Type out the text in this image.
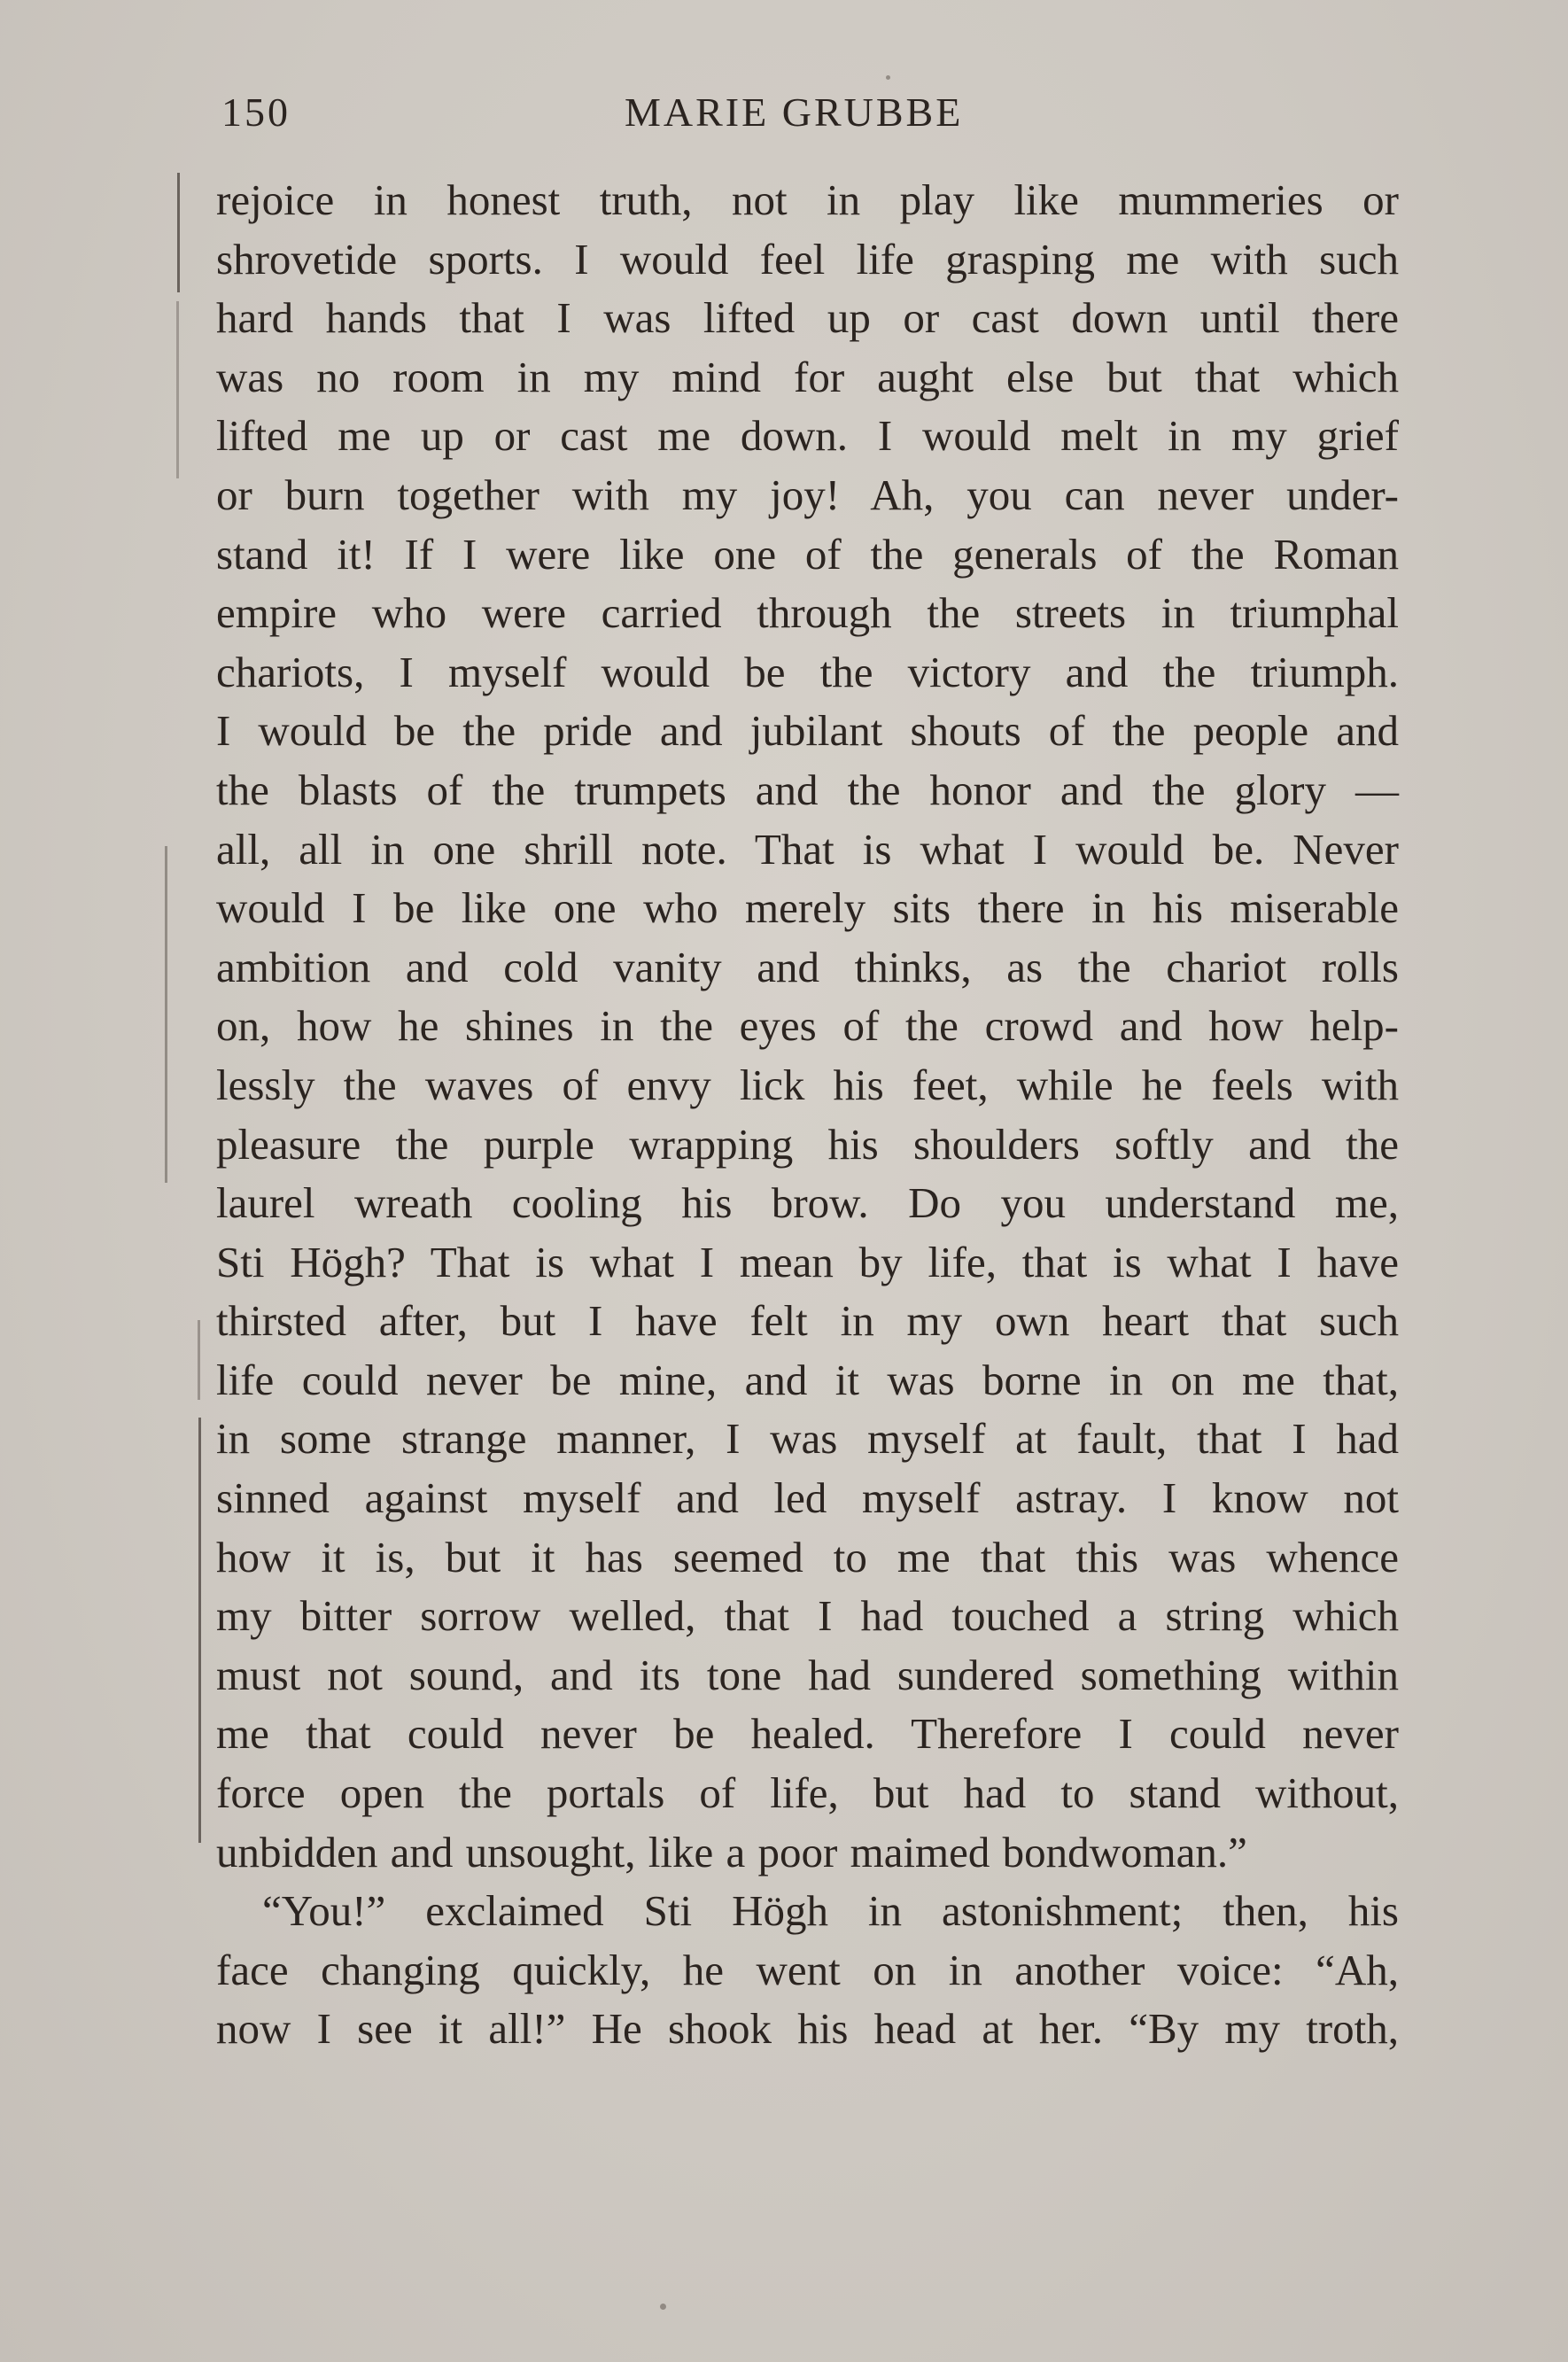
150	MARIE GRUBBE
rejoice in honest truth, not in play like mummeries or
shrovetide sports. I would feel life grasping me with such
hard hands that I was lifted up or cast down until there
was no room in my mind for aught else but that which
lifted me up or cast me down. I would melt in my grief
or burn together with my joy! Ah, you can never under-
stand it! If I were like one of the generals of the Roman
empire who were carried through the streets in triumphal
chariots, I myself would be the victory and the triumph.
I would be the pride and jubilant shouts of the people and
the blasts of the trumpets and the honor and the glory —
all, all in one shrill note. That is what I would be. Never
would I be like one who merely sits there in his miserable
ambition and cold vanity and thinks, as the chariot rolls
on, how he shines in the eyes of the crowd and how help-
lessly the waves of envy lick his feet, while he feels with
pleasure the purple wrapping his shoulders softly and the
laurel wreath cooling his brow. Do you understand me,
Sti Högh? That is what I mean by life, that is what I have
thirsted after, but I have felt in my own heart that such
life could never be mine, and it was borne in on me that,
in some strange manner, I was myself at fault, that I had
sinned against myself and led myself astray. I know not
how it is, but it has seemed to me that this was whence
my bitter sorrow welled, that I had touched a string which
must not sound, and its tone had sundered something within
me that could never be healed. Therefore I could never
force open the portals of life, but had to stand without,
unbidden and unsought, like a poor maimed bondwoman.”
“You!” exclaimed Sti Högh in astonishment; then, his
face changing quickly, he went on in another voice: “Ah,
now I see it all!” He shook his head at her. “By my troth,
